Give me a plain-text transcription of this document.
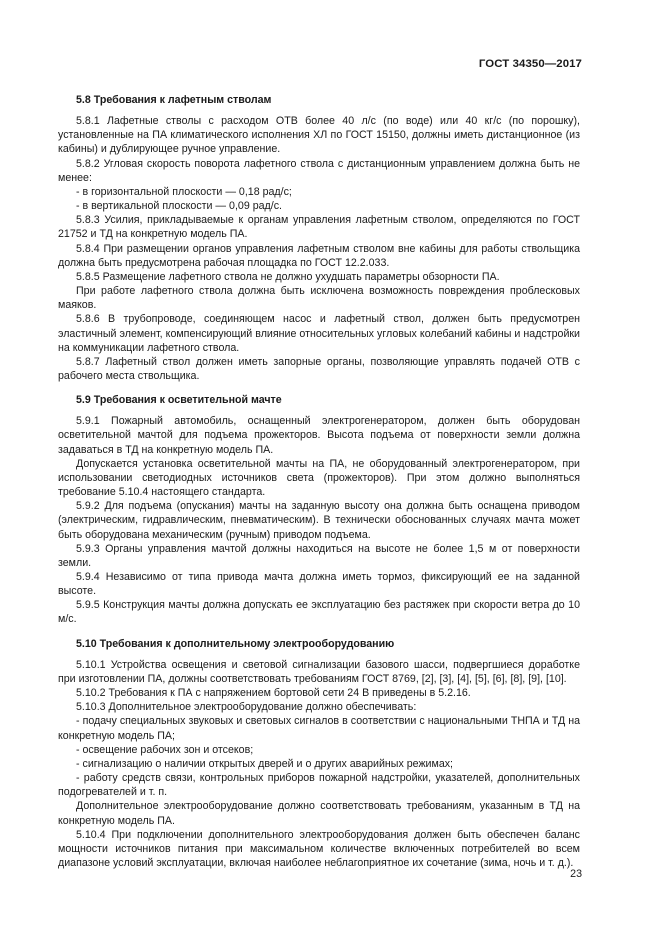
ГОСТ 34350—2017
5.8 Требования к лафетным стволам
5.8.1 Лафетные стволы с расходом ОТВ более 40 л/с (по воде) или 40 кг/с (по порошку), установленные на ПА климатического исполнения ХЛ по ГОСТ 15150, должны иметь дистанционное (из кабины) и дублирующее ручное управление.
5.8.2 Угловая скорость поворота лафетного ствола с дистанционным управлением должна быть не менее:
- в горизонтальной плоскости — 0,18 рад/с;
- в вертикальной плоскости — 0,09 рад/с.
5.8.3 Усилия, прикладываемые к органам управления лафетным стволом, определяются по ГОСТ 21752 и ТД на конкретную модель ПА.
5.8.4 При размещении органов управления лафетным стволом вне кабины для работы ствольщика должна быть предусмотрена рабочая площадка по ГОСТ 12.2.033.
5.8.5 Размещение лафетного ствола не должно ухудшать параметры обзорности ПА.
При работе лафетного ствола должна быть исключена возможность повреждения проблесковых маяков.
5.8.6 В трубопроводе, соединяющем насос и лафетный ствол, должен быть предусмотрен эластичный элемент, компенсирующий влияние относительных угловых колебаний кабины и надстройки на коммуникации лафетного ствола.
5.8.7 Лафетный ствол должен иметь запорные органы, позволяющие управлять подачей ОТВ с рабочего места ствольщика.
5.9 Требования к осветительной мачте
5.9.1 Пожарный автомобиль, оснащенный электрогенератором, должен быть оборудован осветительной мачтой для подъема прожекторов. Высота подъема от поверхности земли должна задаваться в ТД на конкретную модель ПА.
Допускается установка осветительной мачты на ПА, не оборудованный электрогенератором, при использовании светодиодных источников света (прожекторов). При этом должно выполняться требование 5.10.4 настоящего стандарта.
5.9.2 Для подъема (опускания) мачты на заданную высоту она должна быть оснащена приводом (электрическим, гидравлическим, пневматическим). В технически обоснованных случаях мачта может быть оборудована механическим (ручным) приводом подъема.
5.9.3 Органы управления мачтой должны находиться на высоте не более 1,5 м от поверхности земли.
5.9.4 Независимо от типа привода мачта должна иметь тормоз, фиксирующий ее на заданной высоте.
5.9.5 Конструкция мачты должна допускать ее эксплуатацию без растяжек при скорости ветра до 10 м/с.
5.10 Требования к дополнительному электрооборудованию
5.10.1 Устройства освещения и световой сигнализации базового шасси, подвергшиеся доработке при изготовлении ПА, должны соответствовать требованиям ГОСТ 8769, [2], [3], [4], [5], [6], [8], [9], [10].
5.10.2 Требования к ПА с напряжением бортовой сети 24 В приведены в 5.2.16.
5.10.3 Дополнительное электрооборудование должно обеспечивать:
- подачу специальных звуковых и световых сигналов в соответствии с национальными ТНПА и ТД на конкретную модель ПА;
- освещение рабочих зон и отсеков;
- сигнализацию о наличии открытых дверей и о других аварийных режимах;
- работу средств связи, контрольных приборов пожарной надстройки, указателей, дополнительных подогревателей и т. п.
Дополнительное электрооборудование должно соответствовать требованиям, указанным в ТД на конкретную модель ПА.
5.10.4 При подключении дополнительного электрооборудования должен быть обеспечен баланс мощности источников питания при максимальном количестве включенных потребителей во всем диапазоне условий эксплуатации, включая наиболее неблагоприятное их сочетание (зима, ночь и т. д.).
23
